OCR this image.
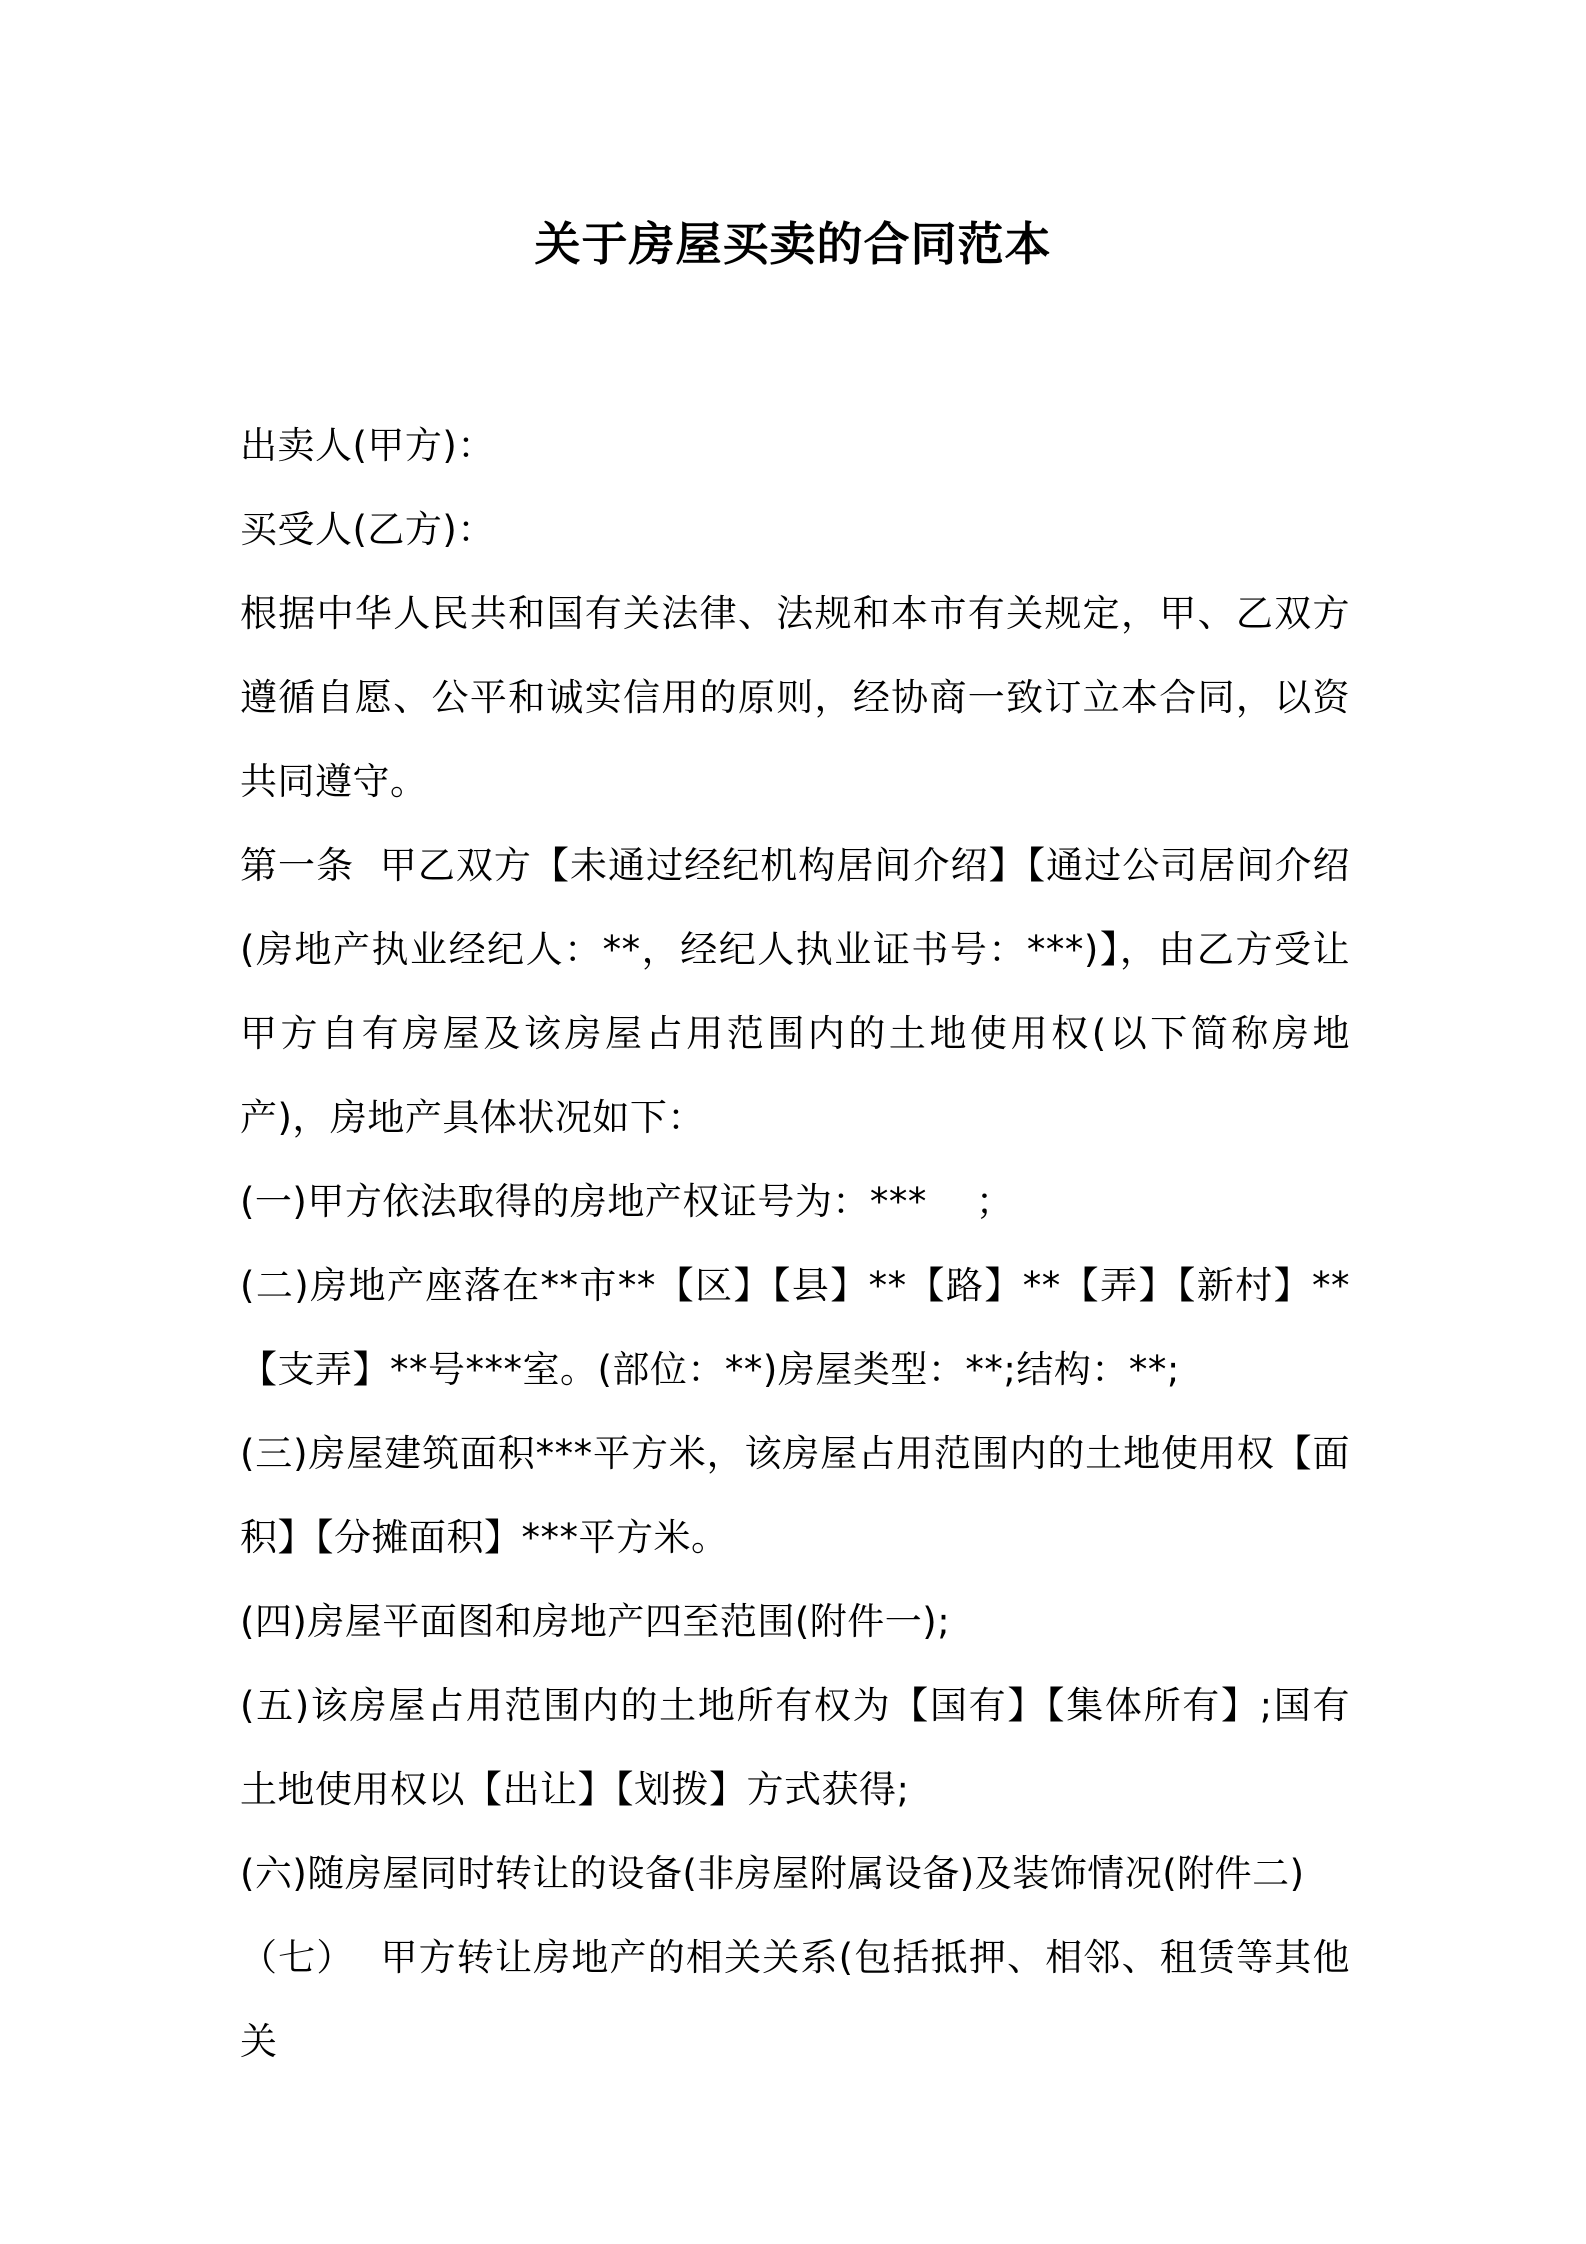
关于房屋买卖的合同范本

出卖人(甲方)：

买受人(乙方)：

根据中华人民共和国有关法律、法规和本市有关规定，甲、乙双方遵循自愿、公平和诚实信用的原则，经协商一致订立本合同，以资共同遵守。

第一条  甲乙双方【未通过经纪机构居间介绍】【通过公司居间介绍(房地产执业经纪人：**，经纪人执业证书号：***)】，由乙方受让甲方自有房屋及该房屋占用范围内的土地使用权(以下简称房地产)，房地产具体状况如下：

(一)甲方依法取得的房地产权证号为：***    ；

(二)房地产座落在**市**【区】【县】**【路】**【弄】【新村】**【支弄】**号***室。(部位：**)房屋类型：**;结构：**;

(三)房屋建筑面积***平方米，该房屋占用范围内的土地使用权【面积】【分摊面积】***平方米。

(四)房屋平面图和房地产四至范围(附件一);

(五)该房屋占用范围内的土地所有权为【国有】【集体所有】;国有土地使用权以【出让】【划拨】方式获得;

(六)随房屋同时转让的设备(非房屋附属设备)及装饰情况(附件二)

（七）  甲方转让房地产的相关关系(包括抵押、相邻、租赁等其他关
